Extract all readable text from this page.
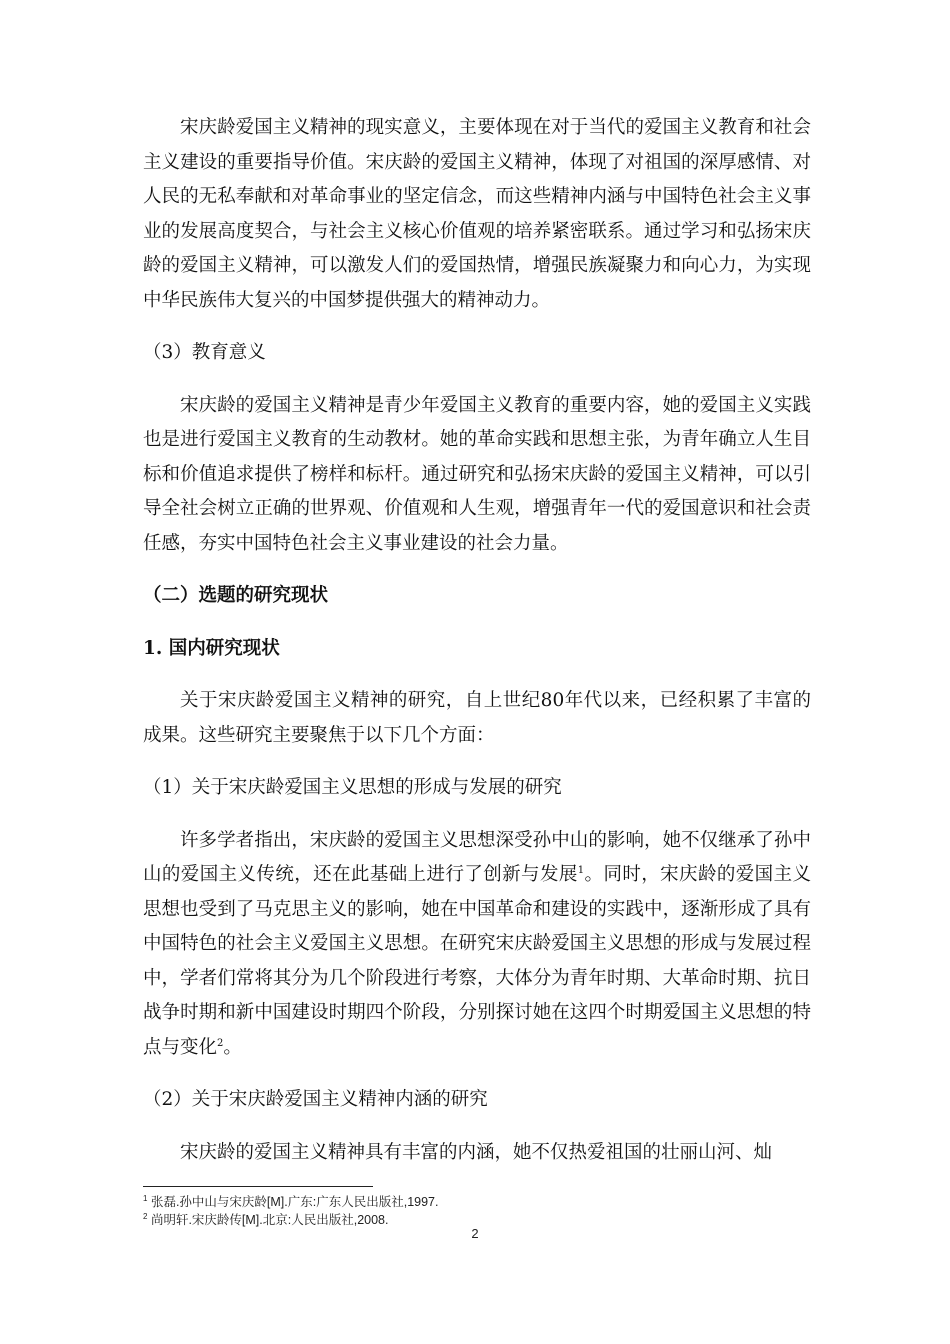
宋庆龄爱国主义精神的现实意义，主要体现在对于当代的爱国主义教育和社会主义建设的重要指导价值。宋庆龄的爱国主义精神，体现了对祖国的深厚感情、对人民的无私奉献和对革命事业的坚定信念，而这些精神内涵与中国特色社会主义事业的发展高度契合，与社会主义核心价值观的培养紧密联系。通过学习和弘扬宋庆龄的爱国主义精神，可以激发人们的爱国热情，增强民族凝聚力和向心力，为实现中华民族伟大复兴的中国梦提供强大的精神动力。

（3）教育意义

宋庆龄的爱国主义精神是青少年爱国主义教育的重要内容，她的爱国主义实践也是进行爱国主义教育的生动教材。她的革命实践和思想主张，为青年确立人生目标和价值追求提供了榜样和标杆。通过研究和弘扬宋庆龄的爱国主义精神，可以引导全社会树立正确的世界观、价值观和人生观，增强青年一代的爱国意识和社会责任感，夯实中国特色社会主义事业建设的社会力量。

（二）选题的研究现状

1. 国内研究现状

关于宋庆龄爱国主义精神的研究，自上世纪80年代以来，已经积累了丰富的成果。这些研究主要聚焦于以下几个方面：

（1）关于宋庆龄爱国主义思想的形成与发展的研究

许多学者指出，宋庆龄的爱国主义思想深受孙中山的影响，她不仅继承了孙中山的爱国主义传统，还在此基础上进行了创新与发展$^1$。同时，宋庆龄的爱国主义思想也受到了马克思主义的影响，她在中国革命和建设的实践中，逐渐形成了具有中国特色的社会主义爱国主义思想。在研究宋庆龄爱国主义思想的形成与发展过程中，学者们常将其分为几个阶段进行考察，大体分为青年时期、大革命时期、抗日战争时期和新中国建设时期四个阶段，分别探讨她在这四个时期爱国主义思想的特点与变化$^2$。

（2）关于宋庆龄爱国主义精神内涵的研究

宋庆龄的爱国主义精神具有丰富的内涵，她不仅热爱祖国的壮丽山河、灿

$^1$ 张磊.孙中山与宋庆龄[M].广东:广东人民出版社,1997.

$^2$ 尚明轩.宋庆龄传[M].北京:人民出版社,2008.

2
